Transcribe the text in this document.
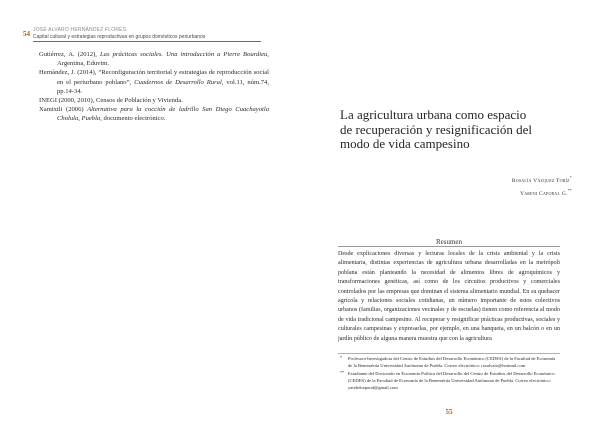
54 JOSÉ ALVARO HERNÁNDEZ FLORES
Capital cultural y estrategias reproductivas en grupos domésticos periurbanos

Gutiérrez, A. (2012), Las prácticas sociales. Una introducción a Pierre Bourdieu, Argentina, Eduvim.

Hernández, J. (2014), “Reconfiguración territorial y estrategias de reproducción social en el periurbano poblano”, Cuadernos de Desarrollo Rural, vol.11, núm.74, pp.14-34.

INEGI (2000, 2010), Censos de Población y Vivienda.

Xamixtli (2006) Alternativa para la cocción de ladrillo San Diego Cuachayotla Cholula, Puebla, documento electrónico.	La agricultura urbana como espacio de recuperación y resignificación del modo de vida campesino
Rosalía Vázquez Toríz*
Yareni Caporal G.**
Resumen

Desde explicaciones diversas y lecturas locales de la crisis ambiental y la crisis alimentaria, distintas experiencias de agricultura urbana desarrolladas en la metrópoli poblana están planteando la necesidad de alimentos libres de agroquímicos y transformaciones genéticas, así como de los circuitos productivos y comerciales controlados por las empresas que dominan el sistema alimentario mundial. En su quehacer agrícola y relaciones sociales cotidianas, un número importante de estos colectivos urbanos (familias, organizaciones vecinales y de escuelas) tienen como referencia al modo de vida tradicional campesino. Al recuperar y resignificar prácticas productivas, sociales y culturales campesinas y expresarlas, por ejemplo, en una banqueta, en un balcón o en un jardín público de alguna manera muestra que con la agricultura

* Profesora-Investigadora del Centro de Estudios del Desarrollo Económico (CEDES) de la Facultad de Economía de la Benemérita Universidad Autónoma de Puebla. Correo electrónico: rosalvato@hotmail.com

** Estudiante del Doctorado en Economía Política del Desarrollo del Centro de Estudios del Desarrollo Económico (CEDES) de la Facultad de Economía de la Benemérita Universidad Autónoma de Puebla. Correo electrónico: yarehdcaporal@gmail.com

55
